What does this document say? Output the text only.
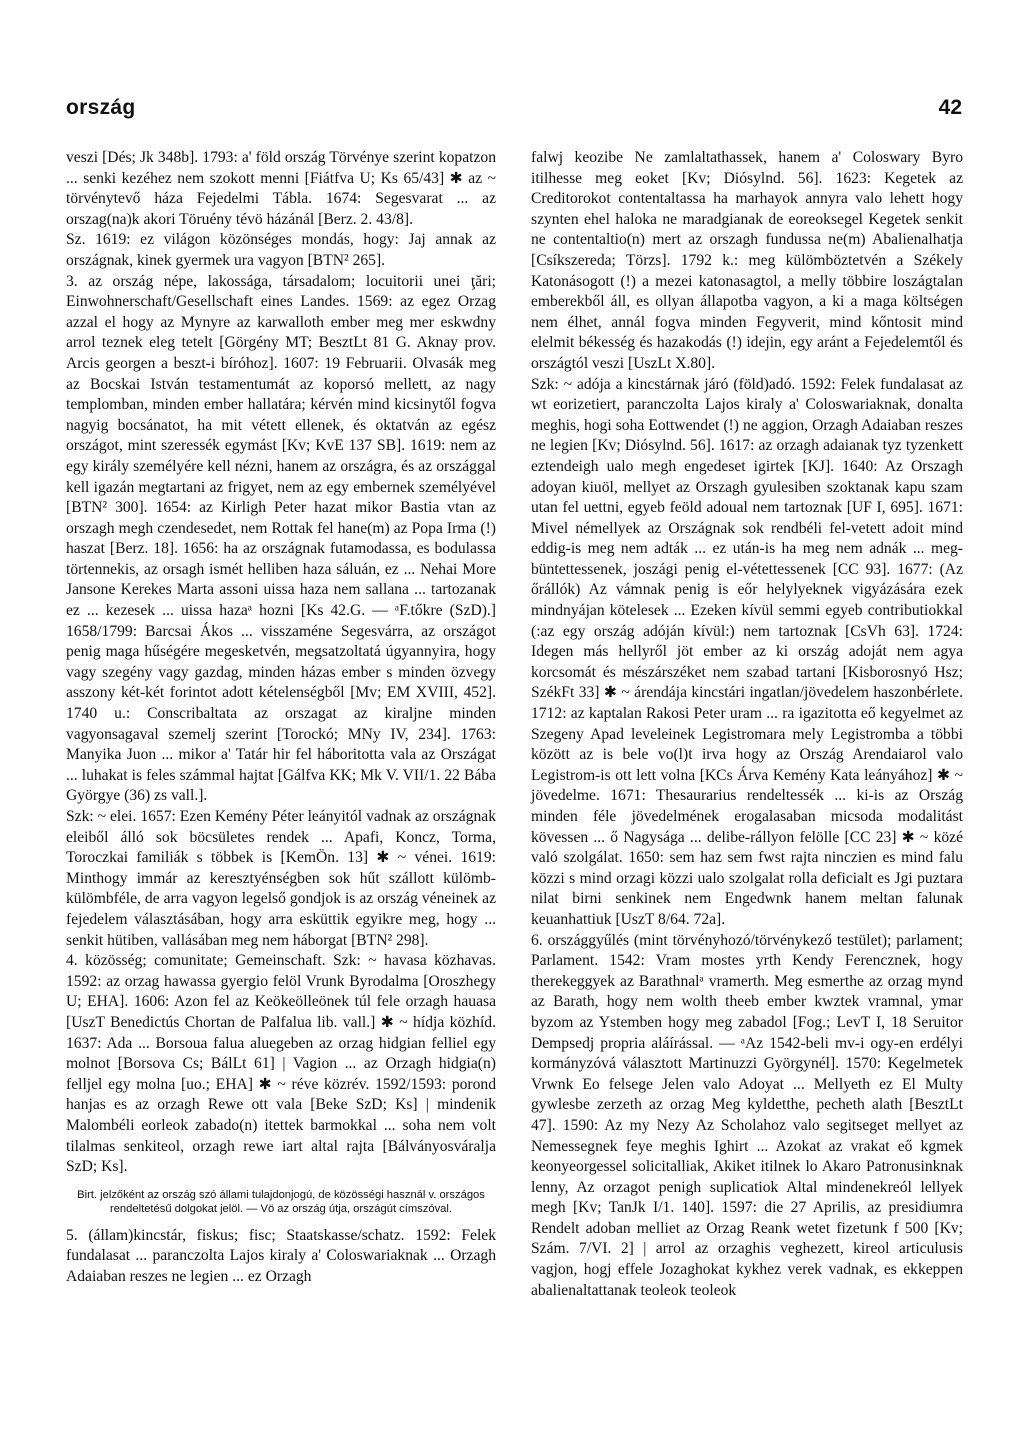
ország	42

veszi [Dés; Jk 348b]. 1793: a' föld ország Törvénye szerint kopatzon ... senki kezéhez nem szokott menni [Fiátfva U; Ks 65/43] ✱ az ~ törvénytevő háza Fejedelmi Tábla. 1674: Segesvarat ... az orszag(na)k akori Töruény tévö házánál [Berz. 2. 43/8].

Sz. 1619: ez világon közönséges mondás, hogy: Jaj annak az országnak, kinek gyermek ura vagyon [BTN² 265].

3. az ország népe, lakossága, társadalom; locuitorii unei ţări; Einwohnerschaft/Gesellschaft eines Landes. 1569: az egez Orzag azzal el hogy az Mynyre az karwalloth ember meg mer eskwdny arrol teznek eleg tetelt [Görgény MT; BesztLt 81 G. Aknay prov. Arcis georgen a beszt-i bíróhoz]. 1607: 19 Februarii. Olvasák meg az Bocskai István testamentumát az koporsó mellett, az nagy templomban, minden ember hallatára; kérvén mind kicsinytől fogva nagyig bocsánatot, ha mit vétett ellenek, és oktatván az egész országot, mint szeressék egymást [Kv; KvE 137 SB]. 1619: nem az egy király személyére kell nézni, hanem az országra, és az országgal kell igazán megtartani az frigyet, nem az egy embernek személyével [BTN² 300]. 1654: az Kirligh Peter hazat mikor Bastia vtan az orszagh megh czendesedet, nem Rottak fel hane(m) az Popa Irma (!) haszat [Berz. 18]. 1656: ha az országnak futamodassa, es bodulassa törtennekis, az orsagh ismét helliben haza sáluán, ez ... Nehai More Jansone Kerekes Marta assoni uissa haza nem sallana ... tartozanak ez ... kezesek ... uissa hazaᵃ hozni [Ks 42.G. — ᵃF.tőkre (SzD).] 1658/1799: Barcsai Ákos ... visszaméne Segesvárra, az országot penig maga hűségére megesketvén, megsatzoltatá úgyannyira, hogy vagy szegény vagy gazdag, minden házas ember s minden özvegy asszony két-két forintot adott kételenségből [Mv; EM XVIII, 452]. 1740 u.: Conscribaltata az orszagat az kiraljne minden vagyonsagaval szemelj szerint [Torockó; MNy IV, 234]. 1763: Manyika Juon ... mikor a' Tatár hir fel háboritotta vala az Országat ... luhakat is feles számmal hajtat [Gálfva KK; Mk V. VII/1. 22 Bába Györgye (36) zs vall.].

Szk: ~ elei. 1657: Ezen Kemény Péter leányitól vadnak az országnak eleiből álló sok böcsületes rendek ... Apafi, Koncz, Torma, Toroczkai familiák s többek is [KemÖn. 13] ✱ ~ vénei. 1619: Minthogy immár az keresztyénségben sok hűt szállott külömb-külömbféle, de arra vagyon legelső gondjok is az ország véneinek az fejedelem választásában, hogy arra esküttik egyikre meg, hogy ... senkit hütiben, vallásában meg nem háborgat [BTN² 298].

4. közösség; comunitate; Gemeinschaft. Szk: ~ havasa közhavas. 1592: az orzag hawassa gyergio felöl Vrunk Byrodalma [Oroszhegy U; EHA]. 1606: Azon fel az Keökeölleönek túl fele orzagh hauasa [UszT Benedictús Chortan de Palfalua lib. vall.] ✱ ~ hídja közhíd. 1637: Ada ... Borsoua falua aluegeben az orzag hidgian felliel egy molnot [Borsova Cs; BálLt 61] | Vagion ... az Orzagh hidgia(n) felljel egy molna [uo.; EHA] ✱ ~ réve közrév. 1592/1593: porond hanjas es az orzagh Rewe ott vala [Beke SzD; Ks] | mindenik Malombéli eorleok zabado(n) itettek barmokkal ... soha nem volt tilalmas senkiteol, orzagh rewe iart altal rajta [Bálványosváralja SzD; Ks].

Birt. jelzőként az ország szó állami tulajdonjogú, de közösségi használ v. országos rendeltetésű dolgokat jelöl. — Vö az ország útja, országút címszóval.

5. (állam)kincstár, fiskus; fisc; Staatskasse/schatz. 1592: Felek fundalasat ... paranczolta Lajos kiraly a' Coloswariaknak ... Orzagh Adaiaban reszes ne legien ... ez Orzagh

falwj keozibe Ne zamlaltathassek, hanem a' Coloswary Byro itilhesse meg eoket [Kv; Diósylnd. 56]. 1623: Kegetek az Creditorokot contentaltassa ha marhayok annyra valo lehett hogy szynten ehel haloka ne maradgianak de eoreoksegel Kegetek senkit ne contentaltio(n) mert az orszagh fundussa ne(m) Abalienalhatja [Csíkszereda; Törzs]. 1792 k.: meg külömböztetvén a Székely Katonásogott (!) a mezei katonasagtol, a melly többire loszágtalan emberekből áll, es ollyan állapotba vagyon, a ki a maga költségen nem élhet, annál fogva minden Fegyverit, mind kőntosit mind elelmit békesség és hazakodás (!) idejin, egy aránt a Fejedelemtől és országtól veszi [UszLt X.80].

Szk: ~ adója a kincstárnak járó (föld)adó. 1592: Felek fundalasat az wt eorizetiert, paranczolta Lajos kiraly a' Coloswariaknak, donalta meghis, hogi soha Eottwendet (!) ne aggion, Orzagh Adaiaban reszes ne legien [Kv; Diósylnd. 56]. 1617: az orzagh adaianak tyz tyzenkett eztendeigh ualo megh engedeset igirtek [KJ]. 1640: Az Orszagh adoyan kiuöl, mellyet az Orszagh gyulesiben szoktanak kapu szam utan fel uettni, egyeb feöld adoual nem tartoznak [UF I, 695]. 1671: Mivel némellyek az Országnak sok rendbéli fel-vetett adoit mind eddig-is meg nem adták ... ez után-is ha meg nem adnák ... meg-büntettessenek, joszági penig el-vétettessenek [CC 93]. 1677: (Az őrállók) Az vámnak penig is eőr helylyeknek vigyázására ezek mindnyájan kötelesek ... Ezeken kívül semmi egyeb contributiokkal (:az egy ország adóján kívül:) nem tartoznak [CsVh 63]. 1724: Idegen más hellyről jöt ember az ki ország adoját nem agya korcsomát és mészárszéket nem szabad tartani [Kisborosnyó Hsz; SzékFt 33] ✱ ~ árendája kincstári ingatlan/jövedelem haszonbérlete. 1712: az kaptalan Rakosi Peter uram ... ra igazitotta eő kegyelmet az Szegeny Apad leveleinek Legistromara mely Legistromba a többi között az is bele vo(l)t irva hogy az Ország Arendaiarol valo Legistrom-is ott lett volna [KCs Árva Kemény Kata leányához] ✱ ~ jövedelme. 1671: Thesaurarius rendeltessék ... ki-is az Ország minden féle jövedelmének erogalasaban micsoda modalitást kövessen ... ő Nagysága ... delibe-rállyon felölle [CC 23] ✱ ~ közé való szolgálat. 1650: sem haz sem fwst rajta ninczien es mind falu közzi s mind orzagi közzi ualo szolgalat rolla deficialt es Jgi puztara nilat birni senkinek nem Engedwnk hanem meltan falunak keuanhattiuk [UszT 8/64. 72a].

6. országgyűlés (mint törvényhozó/törvénykező testület); parlament; Parlament. 1542: Vram mostes yrth Kendy Ferencznek, hogy therekeggyek az Barathnalᵃ vramerth. Meg esmerthe az orzag mynd az Barath, hogy nem wolth theeb ember kwztek vramnal, ymar byzom az Ystemben hogy meg zabadol [Fog.; LevT I, 18 Seruitor Dempsedj propria aláírással. — ᵃAz 1542-beli mv-i ogy-en erdélyi kormányzóvá választott Martinuzzi Györgynél]. 1570: Kegelmetek Vrwnk Eo felsege Jelen valo Adoyat ... Mellyeth ez El Multy gywlesbe zerzeth az orzag Meg kyldetthe, pecheth alath [BesztLt 47]. 1590: Az my Nezy Az Scholahoz valo segitseget mellyet az Nemessegnek feye meghis Ighirt ... Azokat az vrakat eő kgmek keonyeorgessel solicitalliak, Akiket itilnek lo Akaro Patronusinknak lenny, Az orzagot penigh suplicatiok Altal mindenekreól lellyek megh [Kv; TanJk I/1. 140]. 1597: die 27 Aprilis, az presidiumra Rendelt adoban melliet az Orzag Reank wetet fizetunk f 500 [Kv; Szám. 7/VI. 2] | arrol az orzaghis veghezett, kireol articulusis vagjon, hogj effele Jozaghokat kykhez verek vadnak, es ekkeppen abalienaltattanak teoleok teoleok
